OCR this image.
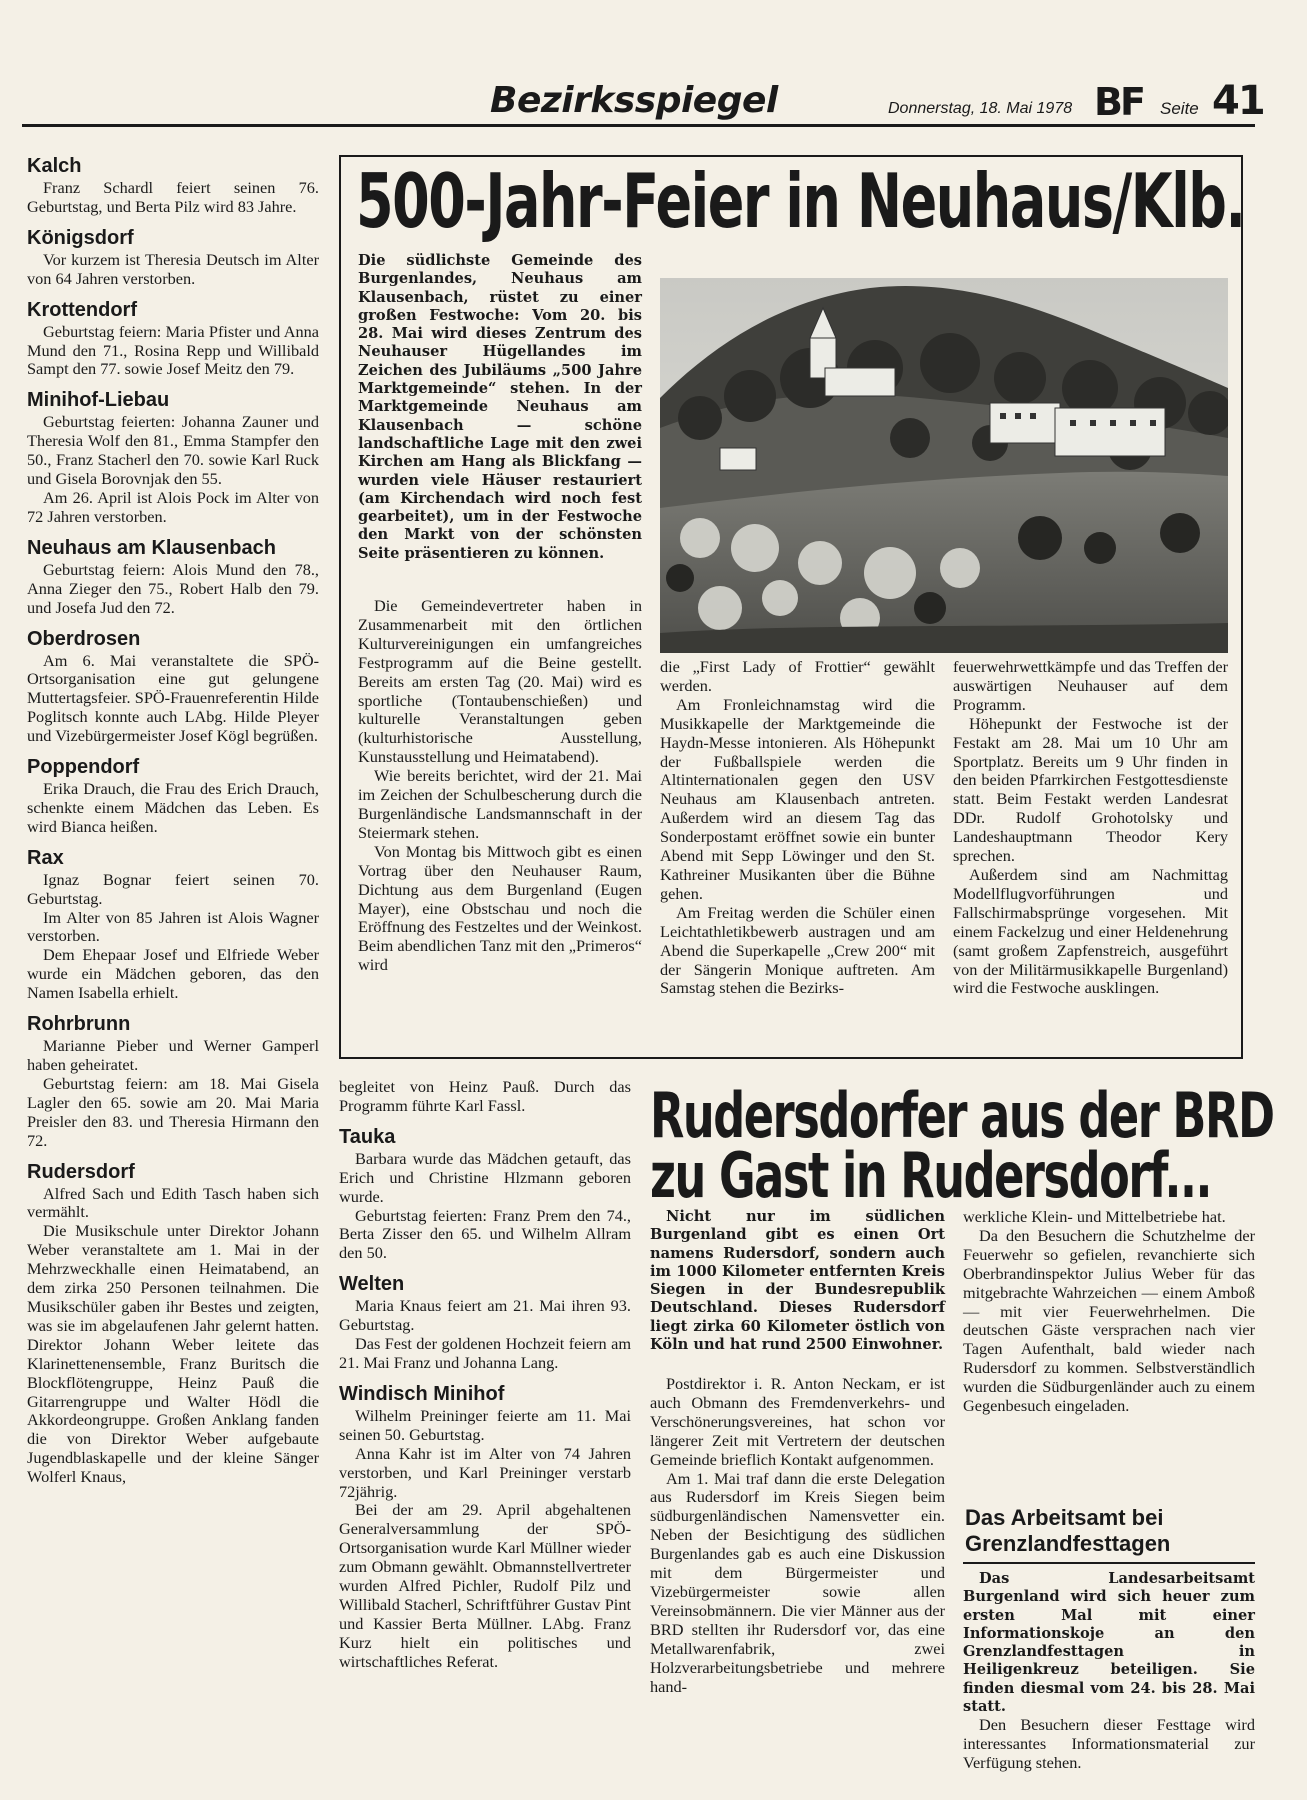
Bezirksspiegel	Donnerstag, 18. Mai 1978 BF Seite 41
Kalch

Franz Schardl feiert seinen 76. Geburtstag, und Berta Pilz wird 83 Jahre.

Königsdorf

Vor kurzem ist Theresia Deutsch im Alter von 64 Jahren verstorben.

Krottendorf

Geburtstag feiern: Maria Pfister und Anna Mund den 71., Rosina Repp und Willibald Sampt den 77. sowie Josef Meitz den 79.

Minihof-Liebau

Geburtstag feierten: Johanna Zauner und Theresia Wolf den 81., Emma Stampfer den 50., Franz Stacherl den 70. sowie Karl Ruck und Gisela Borovnjak den 55.

Am 26. April ist Alois Pock im Alter von 72 Jahren verstorben.

Neuhaus am Klausenbach

Geburtstag feiern: Alois Mund den 78., Anna Zieger den 75., Robert Halb den 79. und Josefa Jud den 72.

Oberdrosen

Am 6. Mai veranstaltete die SPÖ-Ortsorganisation eine gut gelungene Muttertagsfeier. SPÖ-Frauenreferentin Hilde Poglitsch konnte auch LAbg. Hilde Pleyer und Vizebürgermeister Josef Kögl begrüßen.

Poppendorf

Erika Drauch, die Frau des Erich Drauch, schenkte einem Mädchen das Leben. Es wird Bianca heißen.

Rax

Ignaz Bognar feiert seinen 70. Geburtstag.

Im Alter von 85 Jahren ist Alois Wagner verstorben.

Dem Ehepaar Josef und Elfriede Weber wurde ein Mädchen geboren, das den Namen Isabella erhielt.

Rohrbrunn

Marianne Pieber und Werner Gamperl haben geheiratet.

Geburtstag feiern: am 18. Mai Gisela Lagler den 65. sowie am 20. Mai Maria Preisler den 83. und Theresia Hirmann den 72.

Rudersdorf

Alfred Sach und Edith Tasch haben sich vermählt.

Die Musikschule unter Direktor Johann Weber veranstaltete am 1. Mai in der Mehrzweckhalle einen Heimatabend, an dem zirka 250 Personen teilnahmen. Die Musikschüler gaben ihr Bestes und zeigten, was sie im abgelaufenen Jahr gelernt hatten. Direktor Johann Weber leitete das Klarinettenensemble, Franz Buritsch die Blockflötengruppe, Heinz Pauß die Gitarrengruppe und Walter Hödl die Akkordeongruppe. Großen Anklang fanden die von Direktor Weber aufgebaute Jugendblaskapelle und der kleine Sänger Wolferl Knaus,

500-Jahr-Feier in Neuhaus/Klb.

Die südlichste Gemeinde des Burgenlandes, Neuhaus am Klausenbach, rüstet zu einer großen Festwoche: Vom 20. bis 28. Mai wird dieses Zentrum des Neuhauser Hügellandes im Zeichen des Jubiläums „500 Jahre Marktgemeinde“ stehen. In der Marktgemeinde Neuhaus am Klausenbach — schöne landschaftliche Lage mit den zwei Kirchen am Hang als Blickfang — wurden viele Häuser restauriert (am Kirchendach wird noch fest gearbeitet), um in der Festwoche den Markt von der schönsten Seite präsentieren zu können.

Die Gemeindevertreter haben in Zusammenarbeit mit den örtlichen Kulturvereinigungen ein umfangreiches Festprogramm auf die Beine gestellt. Bereits am ersten Tag (20. Mai) wird es sportliche (Tontaubenschießen) und kulturelle Veranstaltungen geben (kulturhistorische Ausstellung, Kunstausstellung und Heimatabend).

Wie bereits berichtet, wird der 21. Mai im Zeichen der Schulbescherung durch die Burgenländische Landsmannschaft in der Steiermark stehen.

Von Montag bis Mittwoch gibt es einen Vortrag über den Neuhauser Raum, Dichtung aus dem Burgenland (Eugen Mayer), eine Obstschau und noch die Eröffnung des Festzeltes und der Weinkost. Beim abendlichen Tanz mit den „Primeros“ wird

die „First Lady of Frottier“ gewählt werden.

Am Fronleichnamstag wird die Musikkapelle der Marktgemeinde die Haydn-Messe intonieren. Als Höhepunkt der Fußballspiele werden die Altinternationalen gegen den USV Neuhaus am Klausenbach antreten. Außerdem wird an diesem Tag das Sonderpostamt eröffnet sowie ein bunter Abend mit Sepp Löwinger und den St. Kathreiner Musikanten über die Bühne gehen.

Am Freitag werden die Schüler einen Leichtathletikbewerb austragen und am Abend die Superkapelle „Crew 200“ mit der Sängerin Monique auftreten. Am Samstag stehen die Bezirks-

feuerwehrwettkämpfe und das Treffen der auswärtigen Neuhauser auf dem Programm.

Höhepunkt der Festwoche ist der Festakt am 28. Mai um 10 Uhr am Sportplatz. Bereits um 9 Uhr finden in den beiden Pfarrkirchen Festgottesdienste statt. Beim Festakt werden Landesrat DDr. Rudolf Grohotolsky und Landeshauptmann Theodor Kery sprechen.

Außerdem sind am Nachmittag Modellflugvorführungen und Fallschirmabsprünge vorgesehen. Mit einem Fackelzug und einer Heldenehrung (samt großem Zapfenstreich, ausgeführt von der Militärmusikkapelle Burgenland) wird die Festwoche ausklingen.

begleitet von Heinz Pauß. Durch das Programm führte Karl Fassl.

Tauka

Barbara wurde das Mädchen getauft, das Erich und Christine Hlzmann geboren wurde.

Geburtstag feierten: Franz Prem den 74., Berta Zisser den 65. und Wilhelm Allram den 50.

Welten

Maria Knaus feiert am 21. Mai ihren 93. Geburtstag.

Das Fest der goldenen Hochzeit feiern am 21. Mai Franz und Johanna Lang.

Windisch Minihof

Wilhelm Preininger feierte am 11. Mai seinen 50. Geburtstag.

Anna Kahr ist im Alter von 74 Jahren verstorben, und Karl Preininger verstarb 72jährig.

Bei der am 29. April abgehaltenen Generalversammlung der SPÖ-Ortsorganisation wurde Karl Müllner wieder zum Obmann gewählt. Obmannstellvertreter wurden Alfred Pichler, Rudolf Pilz und Willibald Stacherl, Schriftführer Gustav Pint und Kassier Berta Müllner. LAbg. Franz Kurz hielt ein politisches und wirtschaftliches Referat.

Rudersdorfer aus der BRD
zu Gast in Rudersdorf...

Nicht nur im südlichen Burgenland gibt es einen Ort namens Rudersdorf, sondern auch im 1000 Kilometer entfernten Kreis Siegen in der Bundesrepublik Deutschland. Dieses Rudersdorf liegt zirka 60 Kilometer östlich von Köln und hat rund 2500 Einwohner.

Postdirektor i. R. Anton Neckam, er ist auch Obmann des Fremdenverkehrs- und Verschönerungsvereines, hat schon vor längerer Zeit mit Vertretern der deutschen Gemeinde brieflich Kontakt aufgenommen.

Am 1. Mai traf dann die erste Delegation aus Rudersdorf im Kreis Siegen beim südburgenländischen Namensvetter ein. Neben der Besichtigung des südlichen Burgenlandes gab es auch eine Diskussion mit dem Bürgermeister und Vizebürgermeister sowie allen Vereinsobmännern. Die vier Männer aus der BRD stellten ihr Rudersdorf vor, das eine Metallwarenfabrik, zwei Holzverarbeitungsbetriebe und mehrere hand-

werkliche Klein- und Mittelbetriebe hat.

Da den Besuchern die Schutzhelme der Feuerwehr so gefielen, revanchierte sich Oberbrandinspektor Julius Weber für das mitgebrachte Wahrzeichen — einem Amboß — mit vier Feuerwehrhelmen. Die deutschen Gäste versprachen nach vier Tagen Aufenthalt, bald wieder nach Rudersdorf zu kommen. Selbstverständlich wurden die Südburgenländer auch zu einem Gegenbesuch eingeladen.

Das Arbeitsamt bei
Grenzlandfesttagen

Das Landesarbeitsamt Burgenland wird sich heuer zum ersten Mal mit einer Informationskoje an den Grenzlandfesttagen in Heiligenkreuz beteiligen. Sie finden diesmal vom 24. bis 28. Mai statt.

Den Besuchern dieser Festtage wird interessantes Informationsmaterial zur Verfügung stehen.
